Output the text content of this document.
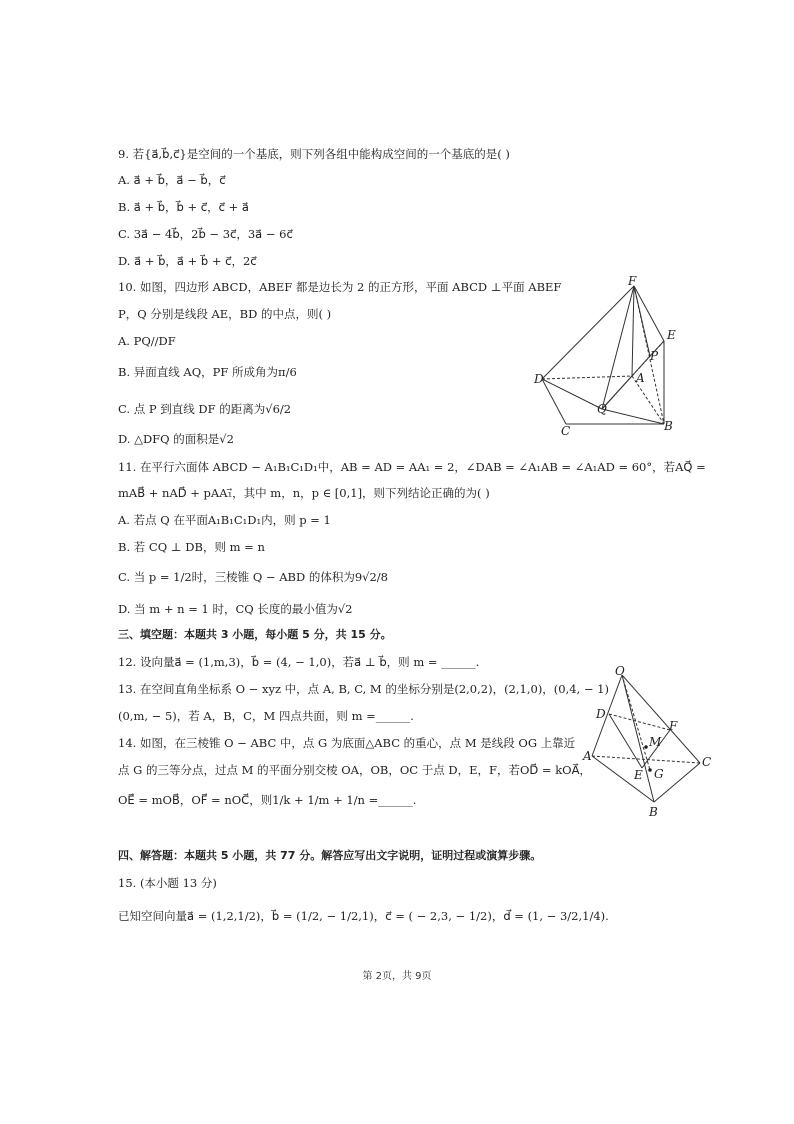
9. 若{a⃗,b⃗,c⃗}是空间的一个基底，则下列各组中能构成空间的一个基底的是( )
A. a⃗ + b⃗，a⃗ − b⃗，c⃗
B. a⃗ + b⃗，b⃗ + c⃗，c⃗ + a⃗
C. 3a⃗ − 4b⃗，2b⃗ − 3c⃗，3a⃗ − 6c⃗
D. a⃗ + b⃗，a⃗ + b⃗ + c⃗，2c⃗
10. 如图，四边形 ABCD，ABEF 都是边长为 2 的正方形，平面 ABCD ⊥平面 ABEF
P，Q 分别是线段 AE，BD 的中点，则( )
A. PQ//DF
B. 异面直线 AQ，PF 所成角为π/6
C. 点 P 到直线 DF 的距离为√6/2
D. △DFQ 的面积是√2
F
E
P
A
D
Q
C	B
11. 在平行六面体 ABCD − A₁B₁C₁D₁中，AB = AD = AA₁ = 2，∠DAB = ∠A₁AB = ∠A₁AD = 60°，若AQ⃗ =
mAB⃗ + nAD⃗ + pAA₁⃗，其中 m，n，p ∈ [0,1]，则下列结论正确的为( )
A. 若点 Q 在平面A₁B₁C₁D₁内，则 p = 1
B. 若 CQ ⊥ DB，则 m = n
C. 当 p = 1/2时，三棱锥 Q − ABD 的体积为9√2/8
D. 当 m + n = 1 时，CQ 长度的最小值为√2
三、填空题：本题共 3 小题，每小题 5 分，共 15 分。
12. 设向量a⃗ = (1,m,3)，b⃗ = (4, − 1,0)，若a⃗ ⊥ b⃗，则 m = ______.
13. 在空间直角坐标系 O − xyz 中，点 A, B, C, M 的坐标分别是(2,0,2)，(2,1,0)，(0,4, − 1)
(0,m, − 5)，若 A，B，C，M 四点共面，则 m =______.
14. 如图，在三棱锥 O − ABC 中，点 G 为底面△ABC 的重心，点 M 是线段 OG 上靠近
点 G 的三等分点，过点 M 的平面分别交棱 OA，OB，OC 于点 D，E，F，若OD⃗ = kOA⃗，
OE⃗ = mOB⃗，OF⃗ = nOC⃗，则1/k + 1/m + 1/n =______.
O
D
F
M
A
E G
C
B
四、解答题：本题共 5 小题，共 77 分。解答应写出文字说明，证明过程或演算步骤。
15. (本小题 13 分)
已知空间向量a⃗ = (1,2,1/2)，b⃗ = (1/2, − 1/2,1)，c⃗ = ( − 2,3, − 1/2)，d⃗ = (1, − 3/2,1/4).
第 2页，共 9页
